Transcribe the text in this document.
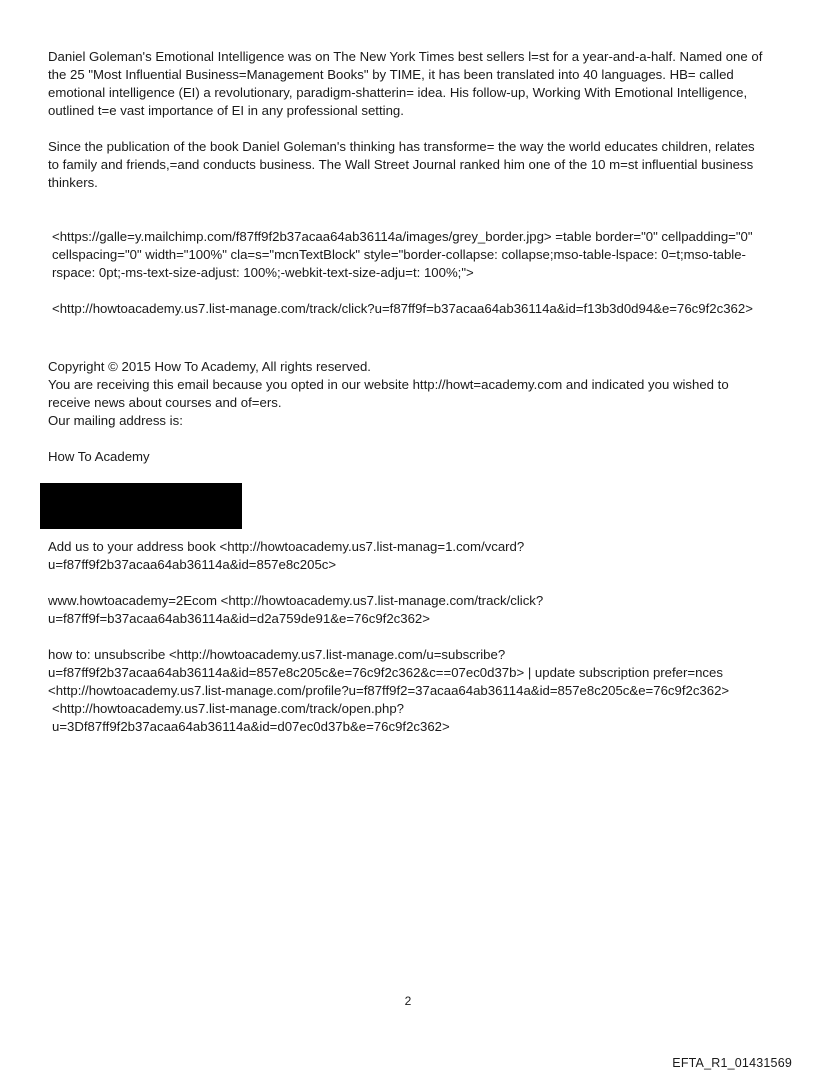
Daniel Goleman's Emotional Intelligence was on The New York Times best sellers l=st for a year-and-a-half. Named one of the 25 "Most Influential Business=Management Books" by TIME, it has been translated into 40 languages. HB= called emotional intelligence (EI) a revolutionary, paradigm-shatterin= idea. His follow-up, Working With Emotional Intelligence, outlined t=e vast importance of EI in any professional setting.

Since the publication of the book Daniel Goleman's thinking has transforme= the way the world educates children, relates to family and friends,=and conducts business. The Wall Street Journal ranked him one of the 10 m=st influential business thinkers.

<https://galle=y.mailchimp.com/f87ff9f2b37acaa64ab36114a/images/grey_border.jpg> =table border="0" cellpadding="0" cellspacing="0" width="100%" cla=s="mcnTextBlock" style="border-collapse: collapse;mso-table-lspace: 0=t;mso-table-rspace: 0pt;-ms-text-size-adjust: 100%;-webkit-text-size-adju=t: 100%;">

<http://howtoacademy.us7.list-manage.com/track/click?u=f87ff9f=b37acaa64ab36114a&id=f13b3d0d94&e=76c9f2c362>

Copyright © 2015 How To Academy, All rights reserved.

You are receiving this email because you opted in our website http://howt=academy.com and indicated you wished to receive news about courses and of=ers.

Our mailing address is:

How To Academy

Add us to your address book <http://howtoacademy.us7.list-manag=1.com/vcard?u=f87ff9f2b37acaa64ab36114a&id=857e8c205c>

www.howtoacademy=2Ecom <http://howtoacademy.us7.list-manage.com/track/click?u=f87ff9f=b37acaa64ab36114a&id=d2a759de91&e=76c9f2c362>

how to: unsubscribe <http://howtoacademy.us7.list-manage.com/u=subscribe?u=f87ff9f2b37acaa64ab36114a&id=857e8c205c&e=76c9f2c362&c==07ec0d37b> | update subscription prefer=nces <http://howtoacademy.us7.list-manage.com/profile?u=f87ff9f2=37acaa64ab36114a&id=857e8c205c&e=76c9f2c362>

<http://howtoacademy.us7.list-manage.com/track/open.php?u=3Df87ff9f2b37acaa64ab36114a&id=d07ec0d37b&e=76c9f2c362>

2
EFTA_R1_01431569
